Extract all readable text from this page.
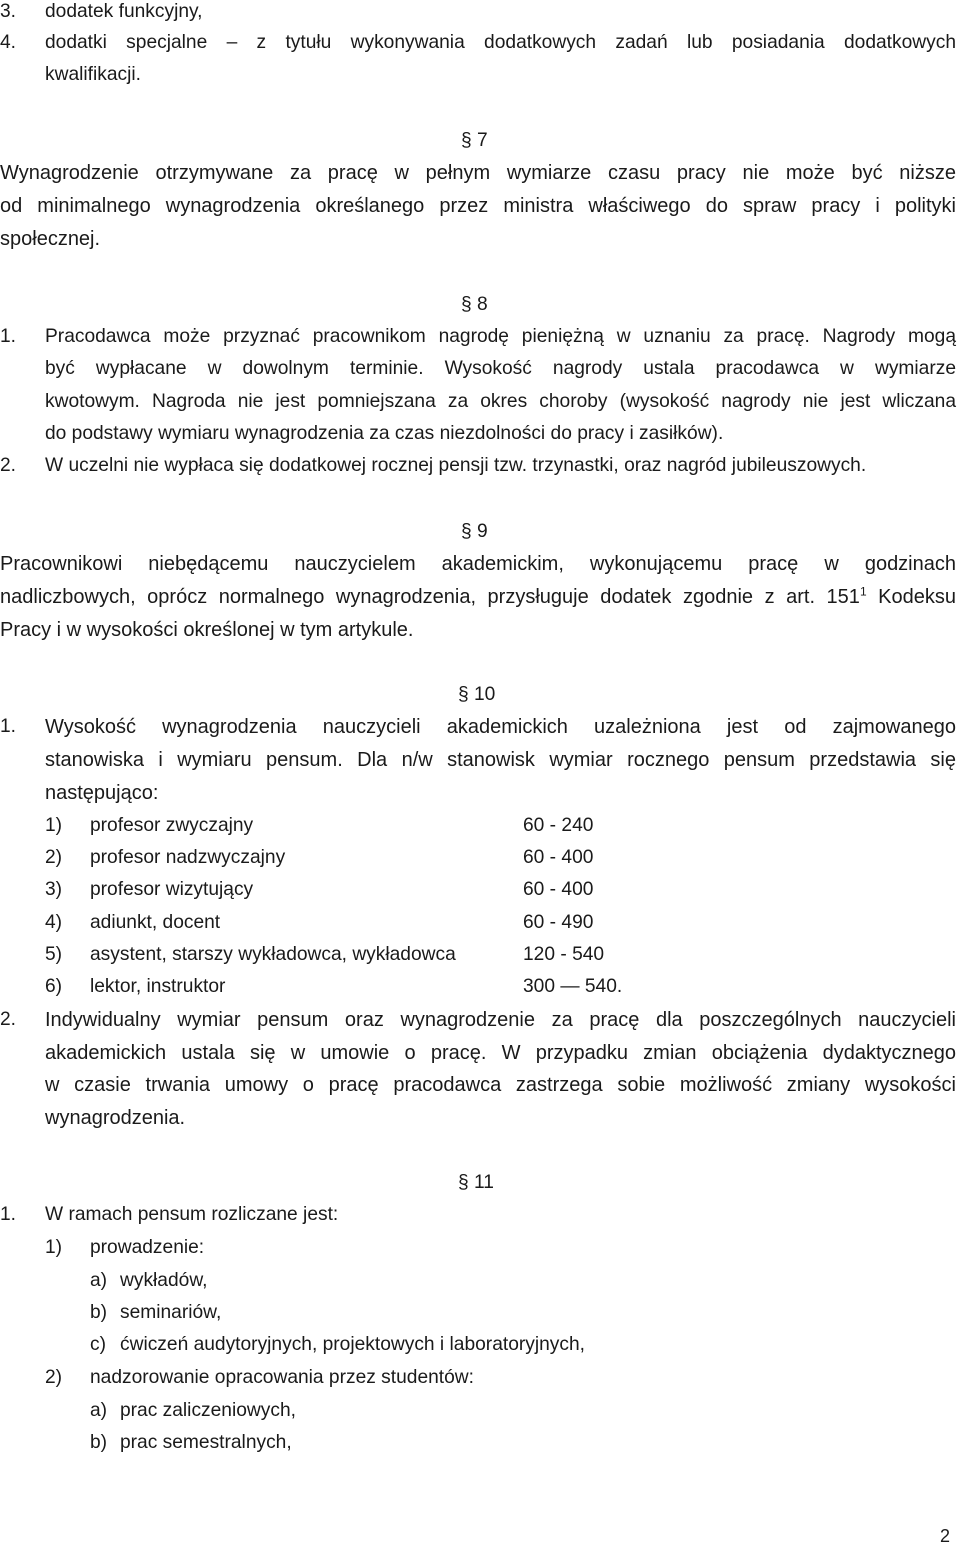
3. dodatek funkcyjny,
4. dodatki specjalne – z tytułu wykonywania dodatkowych zadań lub posiadania dodatkowych

kwalifikacji.
§ 7

Wynagrodzenie otrzymywane za pracę w pełnym wymiarze czasu pracy nie może być niższe

od minimalnego wynagrodzenia określanego przez ministra właściwego do spraw pracy i polityki

społecznej.
§ 8
1. Pracodawca może przyznać pracownikom nagrodę pieniężną w uznaniu za pracę. Nagrody mogą

być wypłacane w dowolnym terminie. Wysokość nagrody ustala pracodawca w wymiarze

kwotowym. Nagroda nie jest pomniejszana za okres choroby (wysokość nagrody nie jest wliczana

do podstawy wymiaru wynagrodzenia za czas niezdolności do pracy i zasiłków).
2. W uczelni nie wypłaca się dodatkowej rocznej pensji tzw. trzynastki, oraz nagród jubileuszowych.
§ 9

Pracownikowi niebędącemu nauczycielem akademickim, wykonującemu pracę w godzinach

nadliczbowych, oprócz normalnego wynagrodzenia, przysługuje dodatek zgodnie z art. $151^1$ Kodeksu

Pracy i w wysokości określonej w tym artykule.
§ 10
1. Wysokość wynagrodzenia nauczycieli akademickich uzależniona jest od zajmowanego

stanowiska i wymiaru pensum. Dla n/w stanowisk wymiar rocznego pensum przedstawia się

następująco:
1) profesor zwyczajny	60 - 240
2) profesor nadzwyczajny	60 - 400
3) profesor wizytujący	60 - 400
4) adiunkt, docent	60 - 490
5) asystent, starszy wykładowca, wykładowca	120 - 540
6) lektor, instruktor	300 — 540.
2. Indywidualny wymiar pensum oraz wynagrodzenie za pracę dla poszczególnych nauczycieli

akademickich ustala się w umowie o pracę. W przypadku zmian obciążenia dydaktycznego

w czasie trwania umowy o pracę pracodawca zastrzega sobie możliwość zmiany wysokości

wynagrodzenia.
§ 11
1. W ramach pensum rozliczane jest:
1) prowadzenie:
a) wykładów,
b) seminariów,
c) ćwiczeń audytoryjnych, projektowych i laboratoryjnych,
2) nadzorowanie opracowania przez studentów:
a) prac zaliczeniowych,
b) prac semestralnych,
2
